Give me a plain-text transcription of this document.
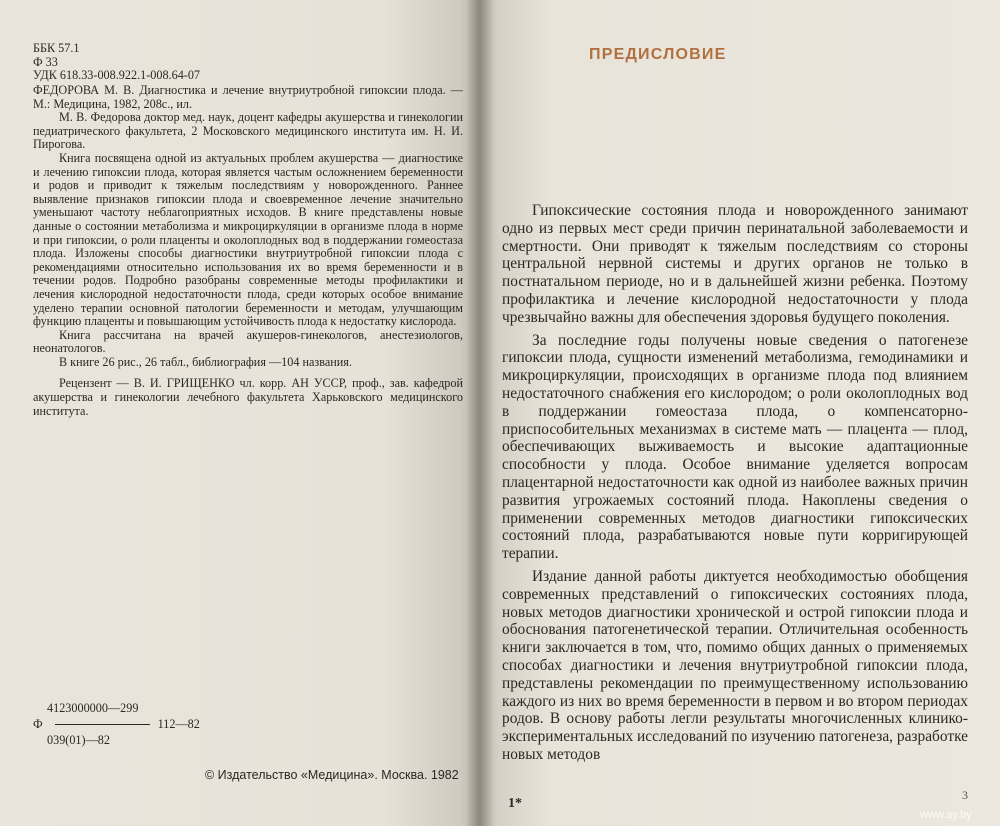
ББК 57.1
Ф 33
УДК 618.33-008.922.1-008.64-07

ФЕДОРОВА М. В. Диагностика и лечение внутриутробной гипоксии плода. — М.: Медицина, 1982, 208с., ил.

М. В. Федорова доктор мед. наук, доцент кафедры акушерства и гинекологии педиатрического факультета, 2 Московского медицинского института им. Н. И. Пирогова.

Книга посвящена одной из актуальных проблем акушерства — диагностике и лечению гипоксии плода, которая является частым осложнением беременности и родов и приводит к тяжелым последствиям у новорожденного. Раннее выявление признаков гипоксии плода и своевременное лечение значительно уменьшают частоту неблагоприятных исходов. В книге представлены новые данные о состоянии метаболизма и микроциркуляции в организме плода в норме и при гипоксии, о роли плаценты и околоплодных вод в поддержании гомеостаза плода. Изложены способы диагностики внутриутробной гипоксии плода с рекомендациями относительно использования их во время беременности и в течении родов. Подробно разобраны современные методы профилактики и лечения кислородной недостаточности плода, среди которых особое внимание уделено терапии основной патологии беременности и методам, улучшающим функцию плаценты и повышающим устойчивость плода к недостатку кислорода.

Книга рассчитана на врачей акушеров-гинекологов, анестезиологов, неонатологов.

В книге 26 рис., 26 табл., библиография —104 названия.

Рецензент — В. И. ГРИЩЕНКО чл. корр. АН УССР, проф., зав. кафедрой акушерства и гинекологии лечебного факультета Харьковского медицинского института.

4123000000—299
Ф	112—82
039(01)—82
© Издательство «Медицина». Москва. 1982
ПРЕДИСЛОВИЕ

Гипоксические состояния плода и новорожденного занимают одно из первых мест среди причин перинатальной заболеваемости и смертности. Они приводят к тяжелым последствиям со стороны центральной нервной системы и других органов не только в постнатальном периоде, но и в дальнейшей жизни ребенка. Поэтому профилактика и лечение кислородной недостаточности у плода чрезвычайно важны для обеспечения здоровья будущего поколения.

За последние годы получены новые сведения о патогенезе гипоксии плода, сущности изменений метаболизма, гемодинамики и микроциркуляции, происходящих в организме плода под влиянием недостаточного снабжения его кислородом; о роли околоплодных вод в поддержании гомеостаза плода, о компенсаторно-приспособительных механизмах в системе мать — плацента — плод, обеспечивающих выживаемость и высокие адаптационные способности у плода. Особое внимание уделяется вопросам плацентарной недостаточности как одной из наиболее важных причин развития угрожаемых состояний плода. Накоплены сведения о применении современных методов диагностики гипоксических состояний плода, разрабатываются новые пути корригирующей терапии.

Издание данной работы диктуется необходимостью обобщения современных представлений о гипоксических состояниях плода, новых методов диагностики хронической и острой гипоксии плода и обоснования патогенетической терапии. Отличительная особенность книги заключается в том, что, помимо общих данных о применяемых способах диагностики и лечения внутриутробной гипоксии плода, представлены рекомендации по преимущественному использованию каждого из них во время беременности в первом и во втором периодах родов. В основу работы легли результаты многочисленных клинико-экспериментальных исследований по изучению патогенеза, разработке новых методов

1*
3
www.ay.by
